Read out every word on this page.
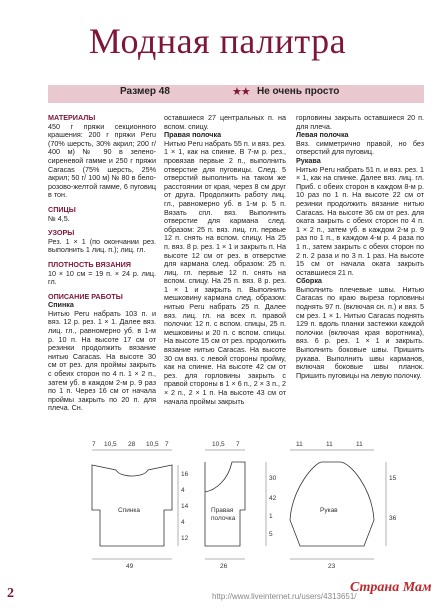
Модная палитра
Размер 48	★★ Не очень просто

МАТЕРИАЛЫ

450 г пряжи секционного крашения: 200 г пряжи Peru (70% шерсть, 30% акрил; 200 г/ 400 м) № 90 в зелено-сиреневой гамме и 250 г пряжи Caracas (75% шерсть, 25% акрил; 50 г/ 100 м) № 80 в бело-розово-желтой гамме, 6 пуговиц в тон.

СПИЦЫ

№ 4,5.

УЗОРЫ

Рез. 1 × 1 (по окончании рез. выполнить 1 лиц. п.); лиц. гл.

ПЛОТНОСТЬ ВЯЗАНИЯ

10 × 10 см = 19 п. × 24 р. лиц. гл.

ОПИСАНИЕ РАБОТЫ

Спинка

Нитью Peru набрать 103 п. и вяз. 12 р. рез. 1 × 1. Далее вяз. лиц. гл., равномерно уб. в 1-м р. 10 п. На высоте 17 см от резинки продолжить вязание нитью Caracas. На высоте 30 см от рез. для проймы закрыть с обеих сторон по 4 п. 1 × 2 п., затем уб. в каждом 2-м р. 9 раз по 1 п. Через 16 см от начала проймы закрыть по 20 п. для плеча. Сн.

оставшиеся 27 центральных п. на вспом. спицу.

Правая полочка

Нитью Peru набрать 55 п. и вяз. рез. 1 × 1, как на спинке. В 7-м р. рез., провязав первые 2 п., выполнить отверстие для пуговицы. След. 5 отверстий выполнить на таком же расстоянии от края, через 8 см друг от друга. Продолжить работу лиц. гл., равномерно уб. в 1-м р. 5 п. Вязать спл. вяз. Выполнить отверстие для кармана след. образом: 25 п. вяз. лиц. гл. первые 12 п. снять на вспом. спицу. На 25 п. вяз. 8 р. рез. 1 × 1 и закрыть п. На высоте 12 см от рез. в отверстие для кармана след. образом: 25 п. лиц. гл. первые 12 п. снять на вспом. спицу. На 25 п. вяз. 8 р. рез. 1 × 1 и закрыть п. Выполнить мешковину кармана след. образом: нитью Peru набрать 25 п. Далее вяз. лиц. гл. на всех п. правой полочки: 12 п. с вспом. спицы, 25 п. мешковины и 20 п. с вспом. спицы. На высоте 15 см от рез. продолжить вязание нитью Caracas. На высоте 30 см вяз. с левой стороны пройму, как на спинке. На высоте 42 см от рез. для горловины закрыть с правой стороны в 1 × 6 п., 2 × 3 п., 2 × 2 п., 2 × 1 п. На высоте 43 см от начала проймы закрыть

горловины закрыть оставшиеся 20 п. для плеча.

Левая полочка

Вяз. симметрично правой, но без отверстий для пуговиц.

Рукава

Нитью Peru набрать 51 п. и вяз. рез. 1 × 1, как на спинке. Далее вяз. лиц. гл. Приб. с обеих сторон в каждом 8-м р. 10 раз по 1 п. На высоте 22 см от резинки продолжить вязание нитью Caracas. На высоте 36 см от рез. для оката закрыть с обеих сторон по 4 п. 1 × 2 п., затем уб. в каждом 2-м р. 9 раз по 1 п., в каждом 4-м р. 4 раза по 1 п., затем закрыть с обеих сторон по 2 п. 2 раза и по 3 п. 1 раз. На высоте 15 см от начала оката закрыть оставшиеся 21 п.

Сборка

Выполнить плечевые швы. Нитью Caracas по краю выреза горловины поднять 97 п. (включая сн. п.) и вяз. 5 см рез. 1 × 1. Нитью Caracas поднять 129 п. вдоль планки застежки каждой полочки (включая края воротника), вяз. 6 р. рез. 1 × 1 и закрыть. Выполнить боковые швы. Пришить рукава. Выполнить швы карманов, включая боковые швы планок. Пришить пуговицы на левую полочку.

7 10,5 28 10,5 7
Спинка
16
4
14
4
12
49
10,5 7
Правая
полочка
30
42
1
5
26
11	11	11
Рукав
15
36
23
2	http://www.liveinternet.ru/users/4313651/
Страна Мам
